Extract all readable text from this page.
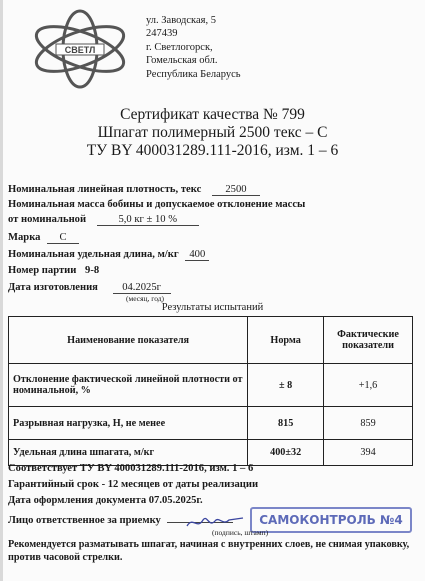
СВЕТЛ
ул. Заводская, 5
247439
г. Светлогорск,
Гомельская обл.
Республика Беларусь
Сертификат качества № 799
Шпагат полимерный 2500 текс – С
ТУ BY 400031289.111-2016, изм. 1 – 6
Номинальная линейная плотность, текс 2500
Номинальная масса бобины и допускаемое отклонение массы
от номинальной	5,0 кг ± 10 %
Марка С
Номинальная удельная длина, м/кг 400
Номер партии 9-8
Дата изготовления 04.2025г
(месяц, год)
Результаты испытаний
Наименование показателя	Норма	Фактические показатели
Отклонение фактической линейной плотности от номинальной, %	± 8	+1,6
Разрывная нагрузка, Н, не менее	815	859
Удельная длина шпагата, м/кг	400±32	394
Соответствует ТУ BY 400031289.111-2016, изм. 1 – 6
Гарантийный срок - 12 месяцев от даты реализации
Дата оформления документа 07.05.2025г.
Лицо ответственное за приемку	САМОКОНТРОЛЬ №4
(подпись, штамп)
Рекомендуется разматывать шпагат, начиная с внутренних слоев, не снимая упаковку, против часовой стрелки.
